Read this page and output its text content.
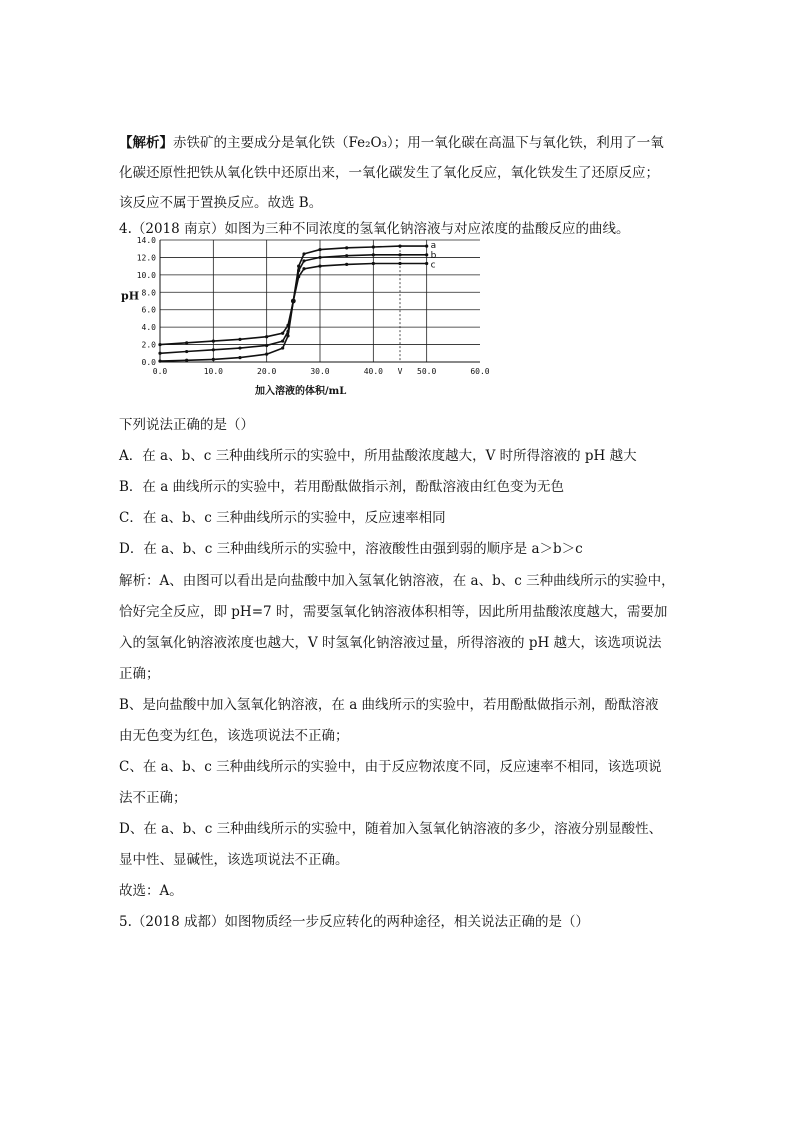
【解析】赤铁矿的主要成分是氧化铁（Fe₂O₃）；用一氧化碳在高温下与氧化铁，利用了一氧
化碳还原性把铁从氧化铁中还原出来，一氧化碳发生了氧化反应，氧化铁发生了还原反应；
该反应不属于置换反应。故选 B。
4.（2018 南京）如图为三种不同浓度的氢氧化钠溶液与对应浓度的盐酸反应的曲线。
0.0
2.0
4.0
6.0
8.0
10.0
12.0
14.0
0.0	10.0	20.0	30.0	40.0 V 50.0	60.0
pH
加入溶液的体积/mL
a
b
c
下列说法正确的是（）
A．在 a、b、c 三种曲线所示的实验中，所用盐酸浓度越大，V 时所得溶液的 pH 越大
B．在 a 曲线所示的实验中，若用酚酞做指示剂，酚酞溶液由红色变为无色
C．在 a、b、c 三种曲线所示的实验中，反应速率相同
D．在 a、b、c 三种曲线所示的实验中，溶液酸性由强到弱的顺序是 a＞b＞c
解析：A、由图可以看出是向盐酸中加入氢氧化钠溶液，在 a、b、c 三种曲线所示的实验中，
恰好完全反应，即 pH=7 时，需要氢氧化钠溶液体积相等，因此所用盐酸浓度越大，需要加
入的氢氧化钠溶液浓度也越大，V 时氢氧化钠溶液过量，所得溶液的 pH 越大，该选项说法
正确；
B、是向盐酸中加入氢氧化钠溶液，在 a 曲线所示的实验中，若用酚酞做指示剂，酚酞溶液
由无色变为红色，该选项说法不正确；
C、在 a、b、c 三种曲线所示的实验中，由于反应物浓度不同，反应速率不相同，该选项说
法不正确；
D、在 a、b、c 三种曲线所示的实验中，随着加入氢氧化钠溶液的多少，溶液分别显酸性、
显中性、显碱性，该选项说法不正确。
故选：A。
5.（2018 成都）如图物质经一步反应转化的两种途径，相关说法正确的是（）
